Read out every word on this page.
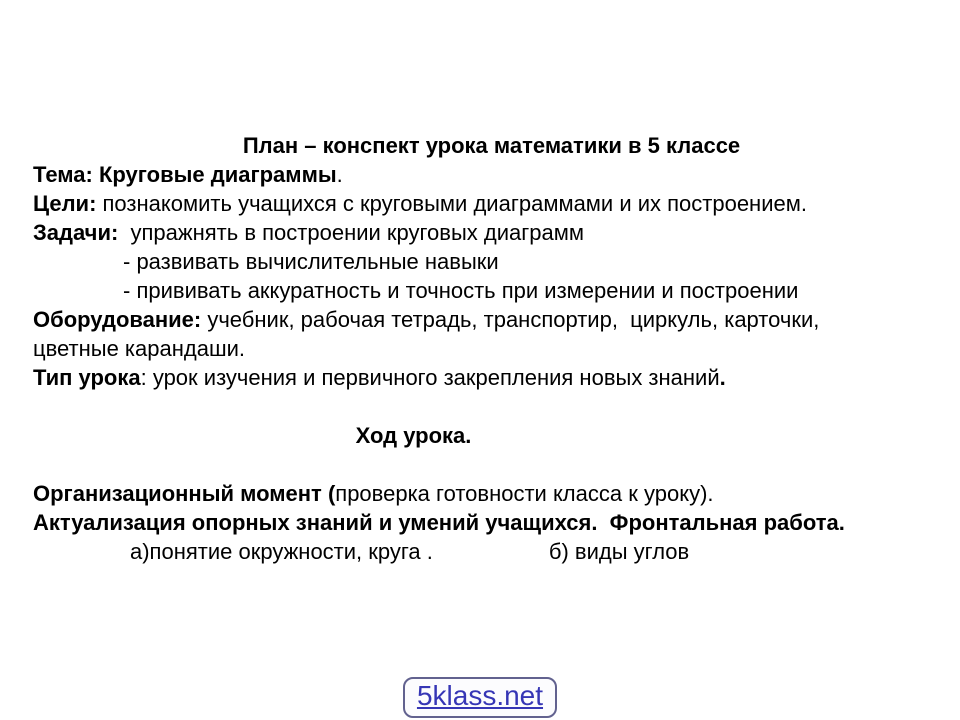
План – конспект урока математики в 5 классе
Тема: Круговые диаграммы.
Цели: познакомить учащихся с круговыми диаграммами и их построением.
Задачи:  упражнять в построении круговых диаграмм
- развивать вычислительные навыки
- прививать аккуратность и точность при измерении и построении
Оборудование: учебник, рабочая тетрадь, транспортир,  циркуль, карточки,
цветные карандаши.
Тип урока: урок изучения и первичного закрепления новых знаний.
Ход урока.
Организационный момент (проверка готовности класса к уроку).
Актуализация опорных знаний и умений учащихся.  Фронтальная работа.
а)понятие окружности, круга .	б) виды углов
5klass.net
